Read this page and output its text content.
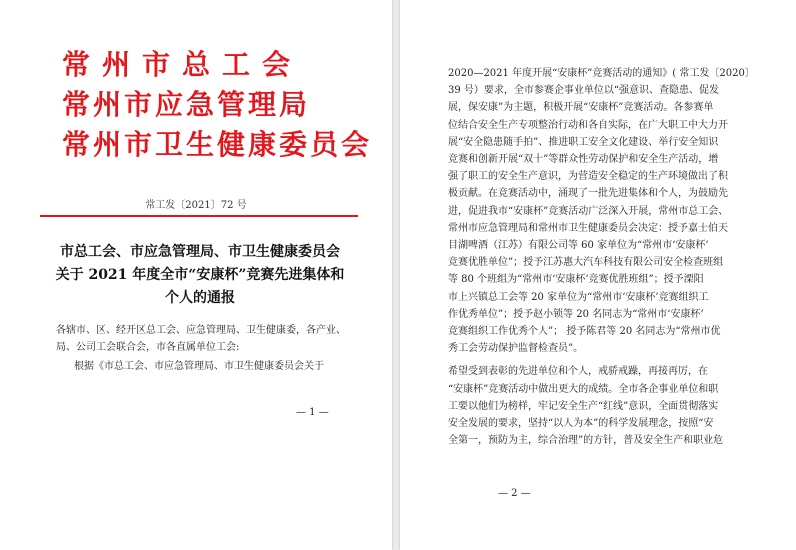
常州市总工会
常州市应急管理局
常州市卫生健康委员会
常工发〔2021〕72 号
市总工会、市应急管理局、市卫生健康委员会
关于 2021 年度全市“安康杯”竞赛先进集体和
个人的通报

各辖市、区、经开区总工会、应急管理局、卫生健康委，各产业、

局、公司工会联合会，市各直属单位工会:

根据《市总工会、市应急管理局、市卫生健康委员会关于

— 1 —
2020—2021 年度开展“安康杯”竞赛活动的通知》( 常工发〔2020〕
39 号）要求，全市参赛企事业单位以“强意识、查隐患、促发
展，保安康”为主题，积极开展“安康杯”竞赛活动。各参赛单
位结合安全生产专项整治行动和各自实际，在广大职工中大力开
展“安全隐患随手拍”、推进职工安全文化建设、举行安全知识
竞赛和创新开展“双十”等群众性劳动保护和安全生产活动，增
强了职工的安全生产意识，为营造安全稳定的生产环境做出了积
极贡献。在竞赛活动中，涌现了一批先进集体和个人，为鼓励先
进，促进我市“安康杯”竞赛活动广泛深入开展，常州市总工会、
常州市应急管理局和常州市卫生健康委员会决定：授予嘉士伯天
目湖啤酒（江苏）有限公司等 60 家单位为“常州市‘安康杯’
竞赛优胜单位”；授予江苏惠大汽车科技有限公司安全检查班组
等 80 个班组为“常州市‘安康杯’竞赛优胜班组”；授予溧阳
市上兴镇总工会等 20 家单位为“常州市‘安康杯’竞赛组织工
作优秀单位”；授予赵小锁等 20 名同志为“常州市‘安康杯’
竞赛组织工作优秀个人”； 授予陈君等 20 名同志为“常州市优
秀工会劳动保护监督检查员”。
希望受到表彰的先进单位和个人，戒骄戒躁，再接再厉，在
“安康杯”竞赛活动中做出更大的成绩。全市各企事业单位和职
工要以他们为榜样，牢记安全生产“红线”意识，全面贯彻落实
安全发展的要求，坚持“以人为本”的科学发展理念，按照“安
全第一，预防为主，综合治理”的方针，普及安全生产和职业危
— 2 —
